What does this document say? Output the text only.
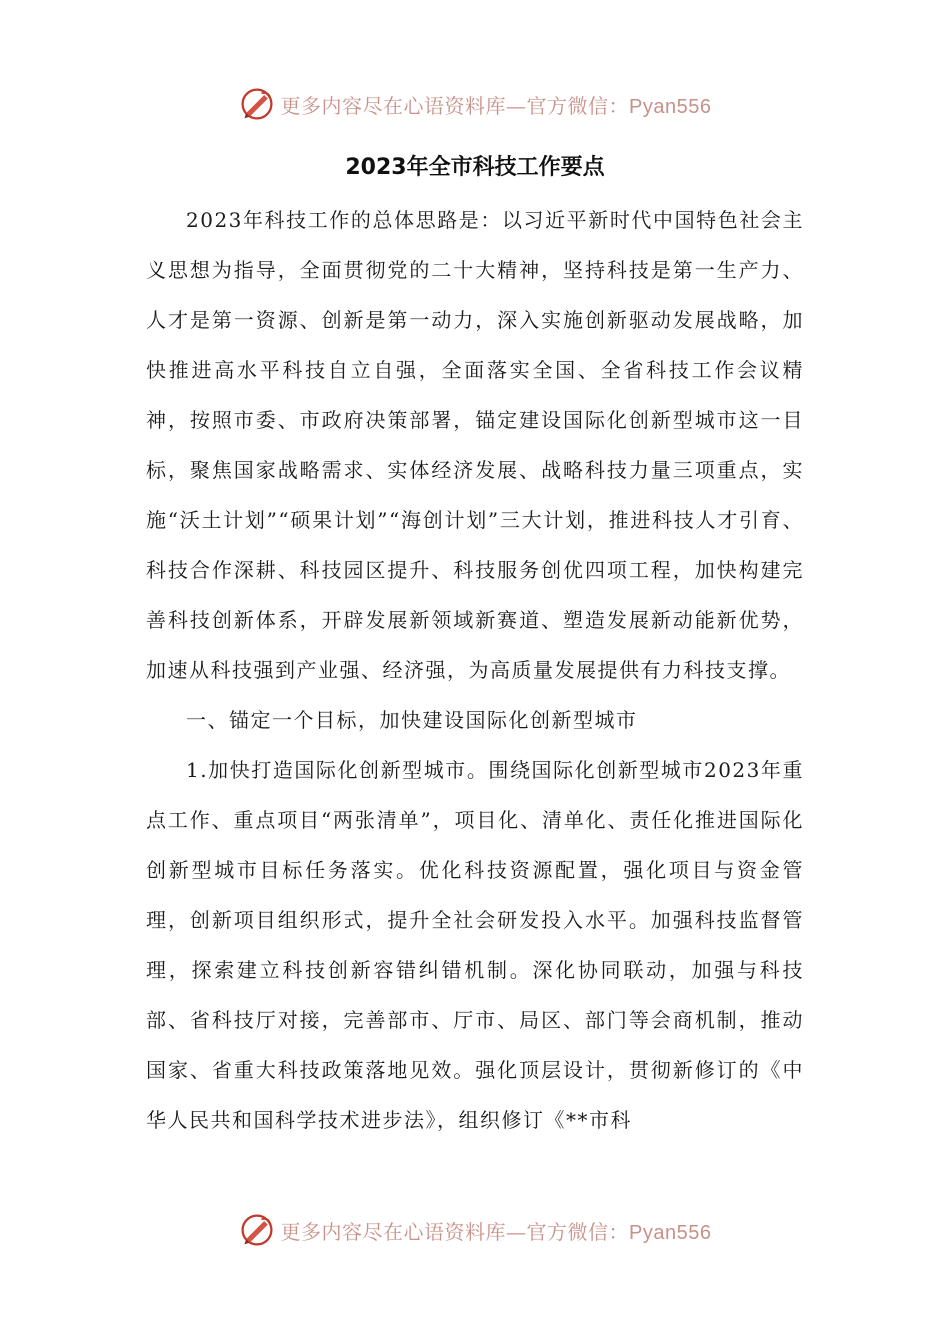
更多内容尽在心语资料库—官方微信：Pyan556
2023年全市科技工作要点

2023年科技工作的总体思路是：以习近平新时代中国特色社会主义思想为指导，全面贯彻党的二十大精神，坚持科技是第一生产力、人才是第一资源、创新是第一动力，深入实施创新驱动发展战略，加快推进高水平科技自立自强，全面落实全国、全省科技工作会议精神，按照市委、市政府决策部署，锚定建设国际化创新型城市这一目标，聚焦国家战略需求、实体经济发展、战略科技力量三项重点，实施“沃土计划”“硕果计划”“海创计划”三大计划，推进科技人才引育、科技合作深耕、科技园区提升、科技服务创优四项工程，加快构建完善科技创新体系，开辟发展新领域新赛道、塑造发展新动能新优势，加速从科技强到产业强、经济强，为高质量发展提供有力科技支撑。

一、锚定一个目标，加快建设国际化创新型城市

1.加快打造国际化创新型城市。围绕国际化创新型城市2023年重点工作、重点项目“两张清单”，项目化、清单化、责任化推进国际化创新型城市目标任务落实。优化科技资源配置，强化项目与资金管理，创新项目组织形式，提升全社会研发投入水平。加强科技监督管理，探索建立科技创新容错纠错机制。深化协同联动，加强与科技部、省科技厅对接，完善部市、厅市、局区、部门等会商机制，推动国家、省重大科技政策落地见效。强化顶层设计，贯彻新修订的《中华人民共和国科学技术进步法》，组织修订《**市科

更多内容尽在心语资料库—官方微信：Pyan556
